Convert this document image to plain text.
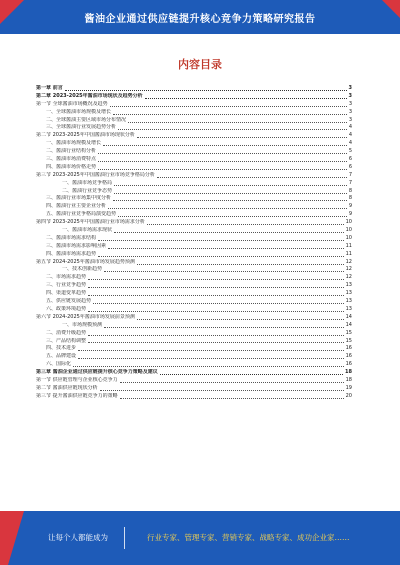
酱油企业通过供应链提升核心竞争力策略研究报告
内容目录
第一章 前言	3
第二章 2023-2025年酱油市场现状及趋势分析	3
第一节 全球酱油市场概况及趋势	3
一、全球酱油市场规模及增长	3
二、全球酱油主要区域市场分布情况	3
三、全球酱油行业发展趋势分析	4
第二节 2023-2025年中国酱油市场现状分析	4
一、酱油市场规模及增长	4
二、酱油行业结构分析	5
三、酱油市场消费特点	6
四、酱油市场价格走势	6
第三节 2023-2025年中国酱油行业市场竞争格局分析	7
一、酱油市场竞争格局	7
二、酱油行业竞争态势	8
三、酱油行业市场集中度分析	8
四、酱油行业主要企业分析	9
五、酱油行业竞争格局演变趋势	9
第四节 2023-2025年中国酱油行业市场需求分析	10
一、酱油市场需求现状	10
二、酱油市场需求结构	10
三、酱油市场需求影响因素	11
四、酱油市场需求趋势	11
第五节 2024-2025年酱油市场发展趋势预测	12
一、技术创新趋势	12
二、市场需求趋势	12
三、行业竞争趋势	13
四、渠道变革趋势	13
五、供应链发展趋势	13
六、政策环境趋势	13
第六节 2024-2025年酱油市场发展前景预测	14
一、市场规模预测	14
二、消费升级趋势	15
三、产品结构调整	15
四、技术进步	16
五、品牌建设	16
六、国际化	16
第三章 酱油企业通过供应链提升核心竞争力策略及建议	18
第一节 供应链管理与企业核心竞争力	18
第二节 酱油供应链现状分析	19
第三节 提升酱油供应链竞争力的策略	20
让每个人都能成为	行业专家、管理专家、营销专家、战略专家、成功企业家……
